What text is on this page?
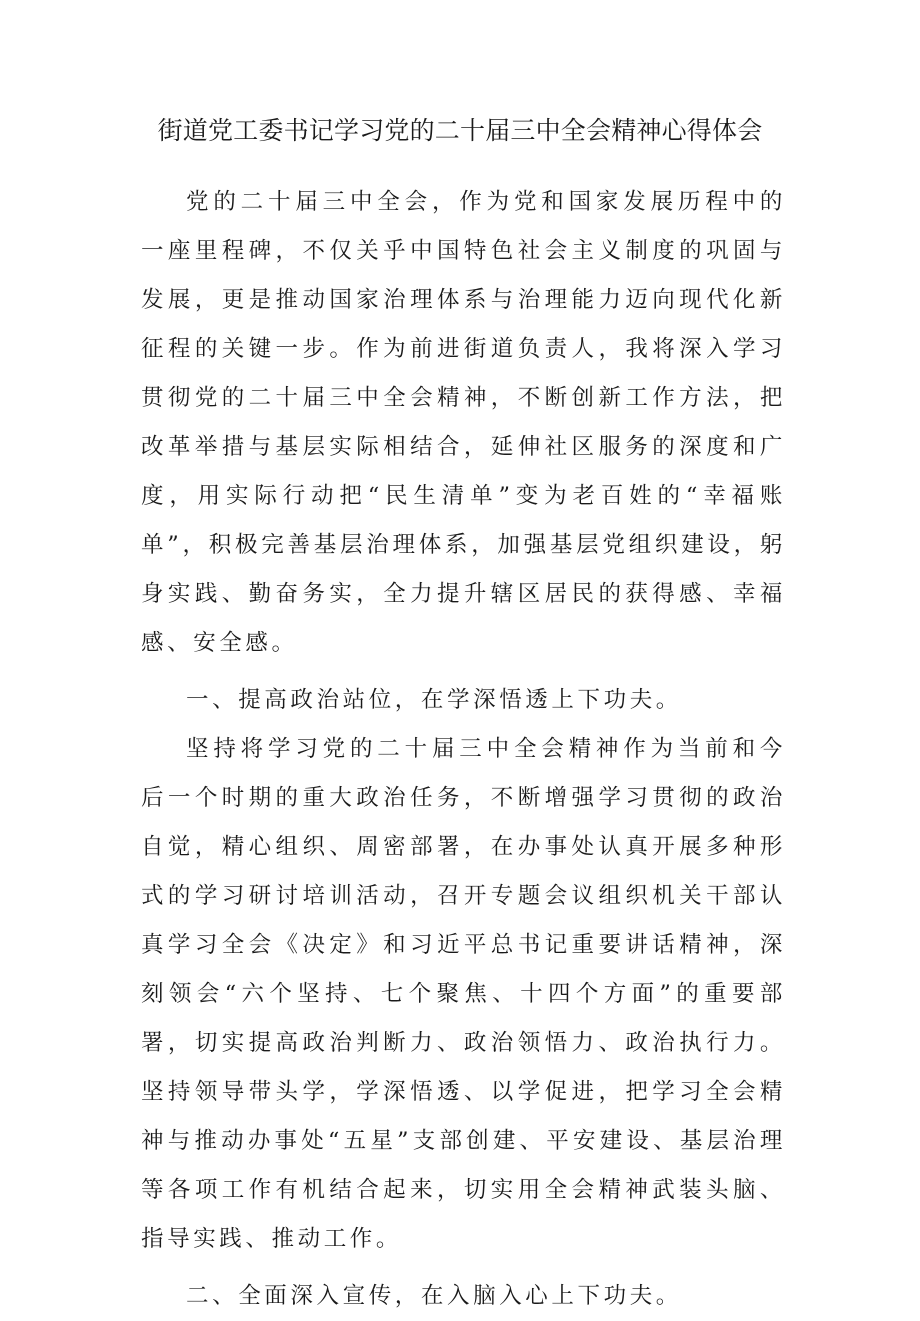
街道党工委书记学习党的二十届三中全会精神心得体会

党的二十届三中全会，作为党和国家发展历程中的一座里程碑，不仅关乎中国特色社会主义制度的巩固与发展，更是推动国家治理体系与治理能力迈向现代化新征程的关键一步。作为前进街道负责人，我将深入学习贯彻党的二十届三中全会精神，不断创新工作方法，把改革举措与基层实际相结合，延伸社区服务的深度和广度，用实际行动把“民生清单”变为老百姓的“幸福账单”，积极完善基层治理体系，加强基层党组织建设，躬身实践、勤奋务实，全力提升辖区居民的获得感、幸福感、安全感。

一、提高政治站位，在学深悟透上下功夫。

坚持将学习党的二十届三中全会精神作为当前和今后一个时期的重大政治任务，不断增强学习贯彻的政治自觉，精心组织、周密部署，在办事处认真开展多种形式的学习研讨培训活动，召开专题会议组织机关干部认真学习全会《决定》和习近平总书记重要讲话精神，深刻领会“六个坚持、七个聚焦、十四个方面”的重要部署，切实提高政治判断力、政治领悟力、政治执行力。坚持领导带头学，学深悟透、以学促进，把学习全会精神与推动办事处“五星”支部创建、平安建设、基层治理等各项工作有机结合起来，切实用全会精神武装头脑、指导实践、推动工作。

二、全面深入宣传，在入脑入心上下功夫。
